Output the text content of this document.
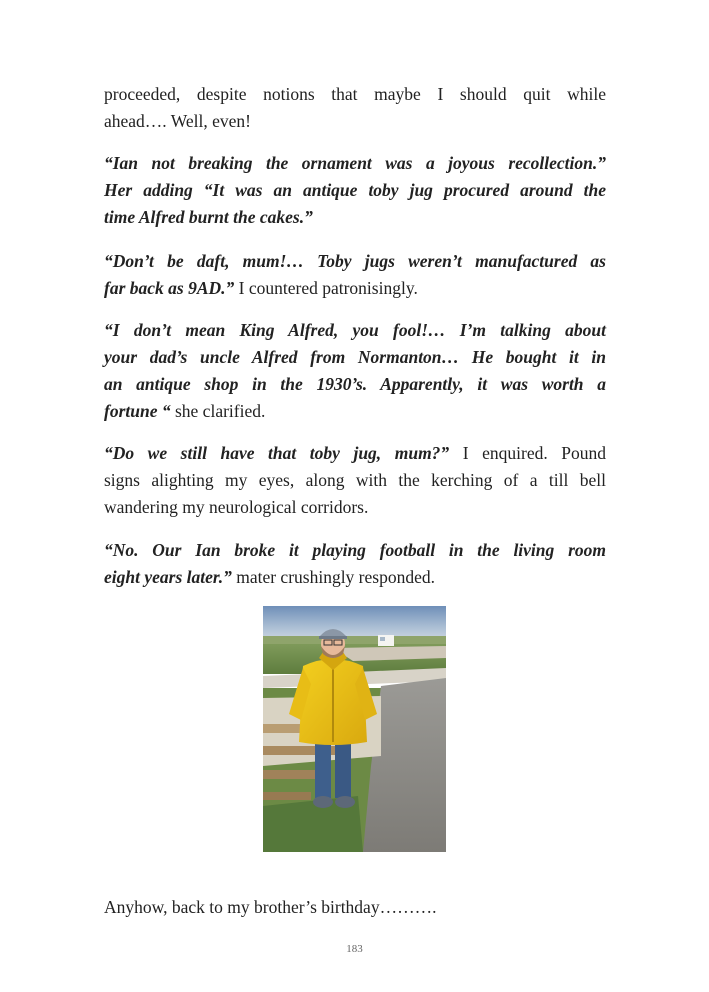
proceeded, despite notions that maybe I should quit while
ahead…. Well, even!

“Ian not breaking the ornament was a joyous recollection.”
Her adding “It was an antique toby jug procured around the
time Alfred burnt the cakes.”

“Don’t be daft, mum!… Toby jugs weren’t manufactured as
far back as 9AD.” I countered patronisingly.

“I don’t mean King Alfred, you fool!… I’m talking about
your dad’s uncle Alfred from Normanton… He bought it in
an antique shop in the 1930’s. Apparently, it was worth a
fortune “ she clarified.

“Do we still have that toby jug, mum?” I enquired. Pound
signs alighting my eyes, along with the kerching of a till bell
wandering my neurological corridors.

“No. Our Ian broke it playing football in the living room
eight years later.” mater crushingly responded.

Anyhow, back to my brother’s birthday……….

183
